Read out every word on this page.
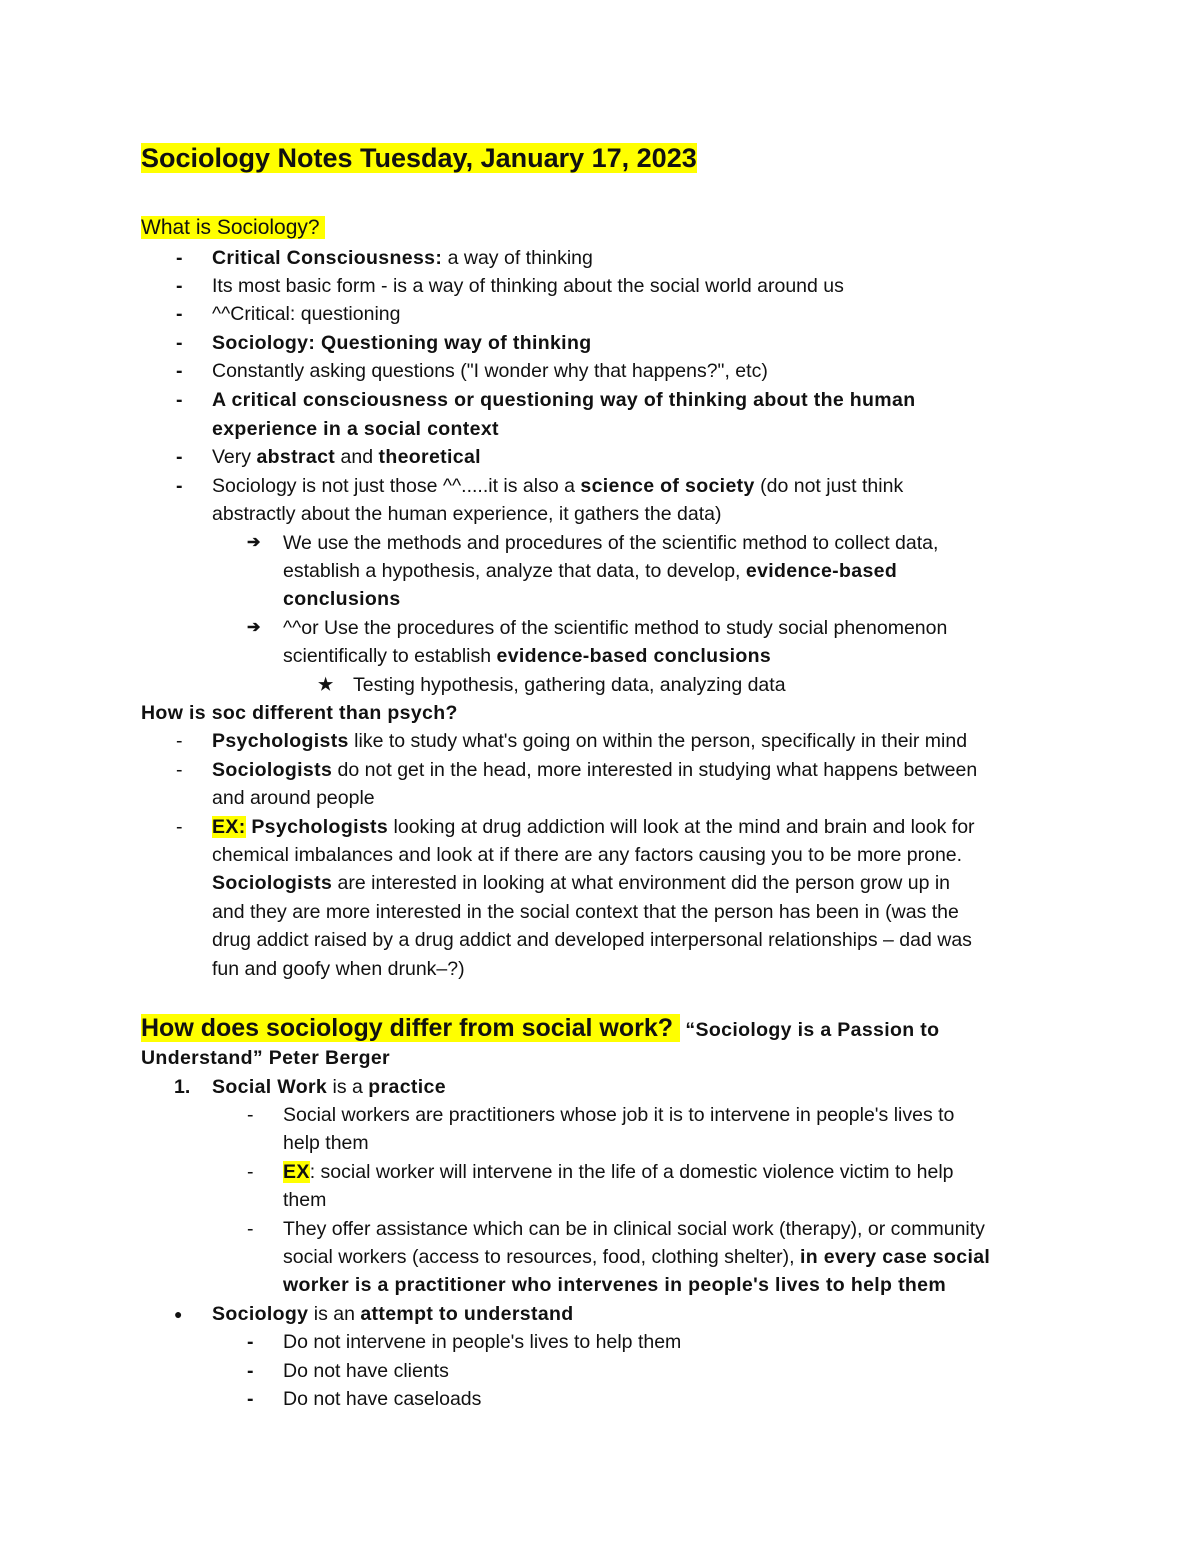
Sociology Notes Tuesday, January 17, 2023
What is Sociology?
- Critical Consciousness: a way of thinking
- Its most basic form - is a way of thinking about the social world around us
- ^^Critical: questioning
- Sociology: Questioning way of thinking
- Constantly asking questions ("I wonder why that happens?", etc)
- A critical consciousness or questioning way of thinking about the human
experience in a social context
- Very abstract and theoretical
- Sociology is not just those ^^.....it is also a science of society (do not just think
abstractly about the human experience, it gathers the data)
➔ We use the methods and procedures of the scientific method to collect data,
establish a hypothesis, analyze that data, to develop, evidence-based
conclusions
➔ ^^or Use the procedures of the scientific method to study social phenomenon
scientifically to establish evidence-based conclusions
★ Testing hypothesis, gathering data, analyzing data
How is soc different than psych?
- Psychologists like to study what's going on within the person, specifically in their mind
- Sociologists do not get in the head, more interested in studying what happens between
and around people
- EX: Psychologists looking at drug addiction will look at the mind and brain and look for
chemical imbalances and look at if there are any factors causing you to be more prone.
Sociologists are interested in looking at what environment did the person grow up in
and they are more interested in the social context that the person has been in (was the
drug addict raised by a drug addict and developed interpersonal relationships – dad was
fun and goofy when drunk–?)
How does sociology differ from social work? “Sociology is a Passion to
Understand” Peter Berger
1. Social Work is a practice
- Social workers are practitioners whose job it is to intervene in people's lives to
help them
- EX: social worker will intervene in the life of a domestic violence victim to help
them
- They offer assistance which can be in clinical social work (therapy), or community
social workers (access to resources, food, clothing shelter), in every case social
worker is a practitioner who intervenes in people's lives to help them
● Sociology is an attempt to understand
- Do not intervene in people's lives to help them
- Do not have clients
- Do not have caseloads
